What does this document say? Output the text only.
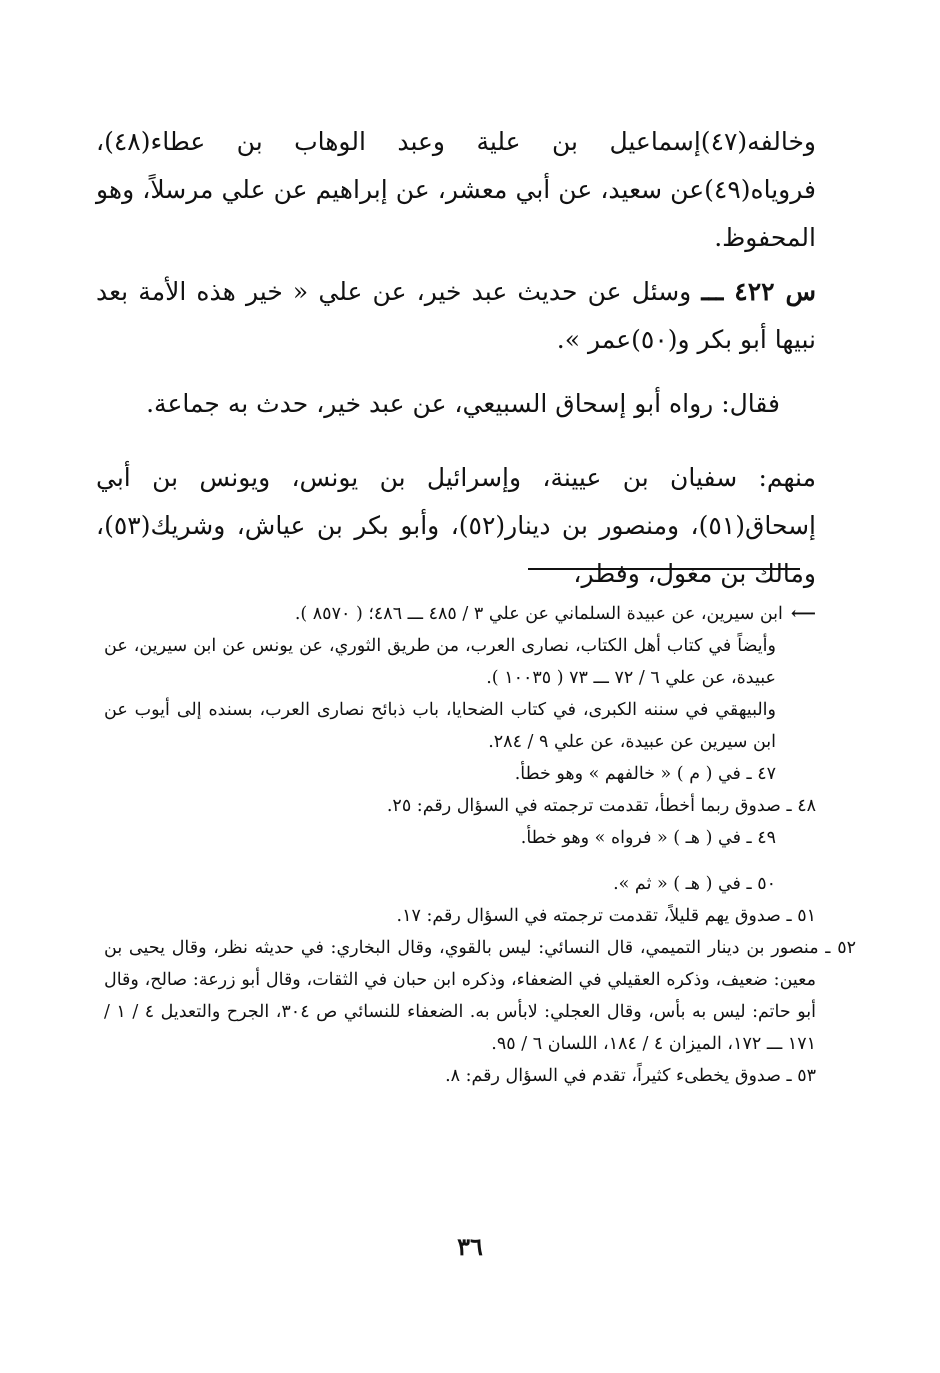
وخالفه(٤٧)إسماعيل بن علية وعبد الوهاب بن عطاء(٤٨)، فروياه(٤٩)عن سعيد، عن أبي معشر، عن إبراهيم عن علي مرسلاً، وهو المحفوظ.

س ٤٢٢ ـــ وسئل عن حديث عبد خير، عن علي « خير هذه الأمة بعد نبيها أبو بكر و(٥٠)عمر ».

فقال: رواه أبو إسحاق السبيعي، عن عبد خير، حدث به جماعة.

منهم: سفيان بن عيينة، وإسرائيل بن يونس، ويونس بن أبي إسحاق(٥١)، ومنصور بن دينار(٥٢)، وأبو بكر بن عياش، وشريك(٥٣)، ومالك بن مغول، وفطر،

⟵ابن سيرين، عن عبيدة السلماني عن علي ٣ / ٤٨٥ ـــ ٤٨٦؛ ( ٨٥٧٠ ).

وأيضاً في كتاب أهل الكتاب، نصارى العرب، من طريق الثوري، عن يونس عن ابن سيرين، عن عبيدة، عن علي ٦ / ٧٢ ـــ ٧٣ ( ١٠٠٣٥ ).

والبيهقي في سننه الكبرى، في كتاب الضحايا، باب ذبائح نصارى العرب، بسنده إلى أيوب عن ابن سيرين عن عبيدة، عن علي ٩ / ٢٨٤.

٤٧ ـ في ( م ) « خالفهم » وهو خطأ.

٤٨ ـ صدوق ربما أخطأ، تقدمت ترجمته في السؤال رقم: ٢٥.

٤٩ ـ في ( هـ ) « فرواه » وهو خطأ.

٥٠ ـ في ( هـ ) « ثم ».

٥١ ـ صدوق يهم قليلاً، تقدمت ترجمته في السؤال رقم: ١٧.

٥٢ ـ منصور بن دينار التميمي، قال النسائي: ليس بالقوي، وقال البخاري: في حديثه نظر، وقال يحيى بن معين: ضعيف، وذكره العقيلي في الضعفاء، وذكره ابن حبان في الثقات، وقال أبو زرعة: صالح، وقال أبو حاتم: ليس به بأس، وقال العجلي: لابأس به. الضعفاء للنسائي ص ٣٠٤، الجرح والتعديل ٤ / ١ / ١٧١ ـــ ١٧٢، الميزان ٤ / ١٨٤، اللسان ٦ / ٩٥.

٥٣ ـ صدوق يخطىء كثيراً، تقدم في السؤال رقم: ٨.

٣٦
